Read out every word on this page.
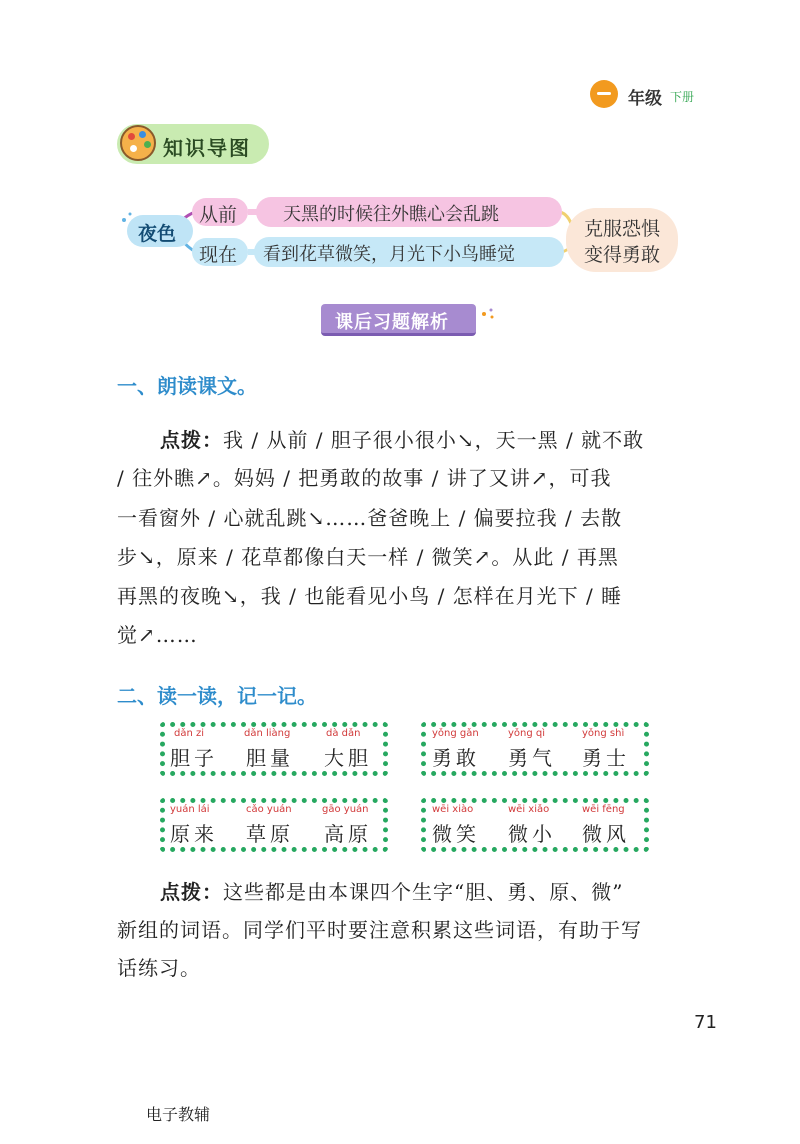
年级 下册
知识导图
夜色
从前	天黑的时候往外瞧心会乱跳
现在 看到花草微笑，月光下小鸟睡觉
克服恐惧
变得勇敢
课后习题解析
一、朗读课文。
点拨：我 / 从前 / 胆子很小很小↘，天一黑 / 就不敢
/ 往外瞧↗。妈妈 / 把勇敢的故事 / 讲了又讲↗，可我
一看窗外 / 心就乱跳↘……爸爸晚上 / 偏要拉我 / 去散
步↘，原来 / 花草都像白天一样 / 微笑↗。从此 / 再黑
再黑的夜晚↘，我 / 也能看见小鸟 / 怎样在月光下 / 睡
觉↗……
二、读一读，记一记。
dǎn zi	dǎn liàng	dà dǎn
胆子 胆量 大胆
yǒng gǎn	yǒng qì	yǒng shì
勇敢 勇气 勇士
yuán lái	cǎo yuán	gāo yuán
原来 草原 高原
wēi xiào	wēi xiǎo	wēi fēng
微笑 微小 微风
点拨：这些都是由本课四个生字“胆、勇、原、微”
新组的词语。同学们平时要注意积累这些词语，有助于写
话练习。
71
电子教辅
